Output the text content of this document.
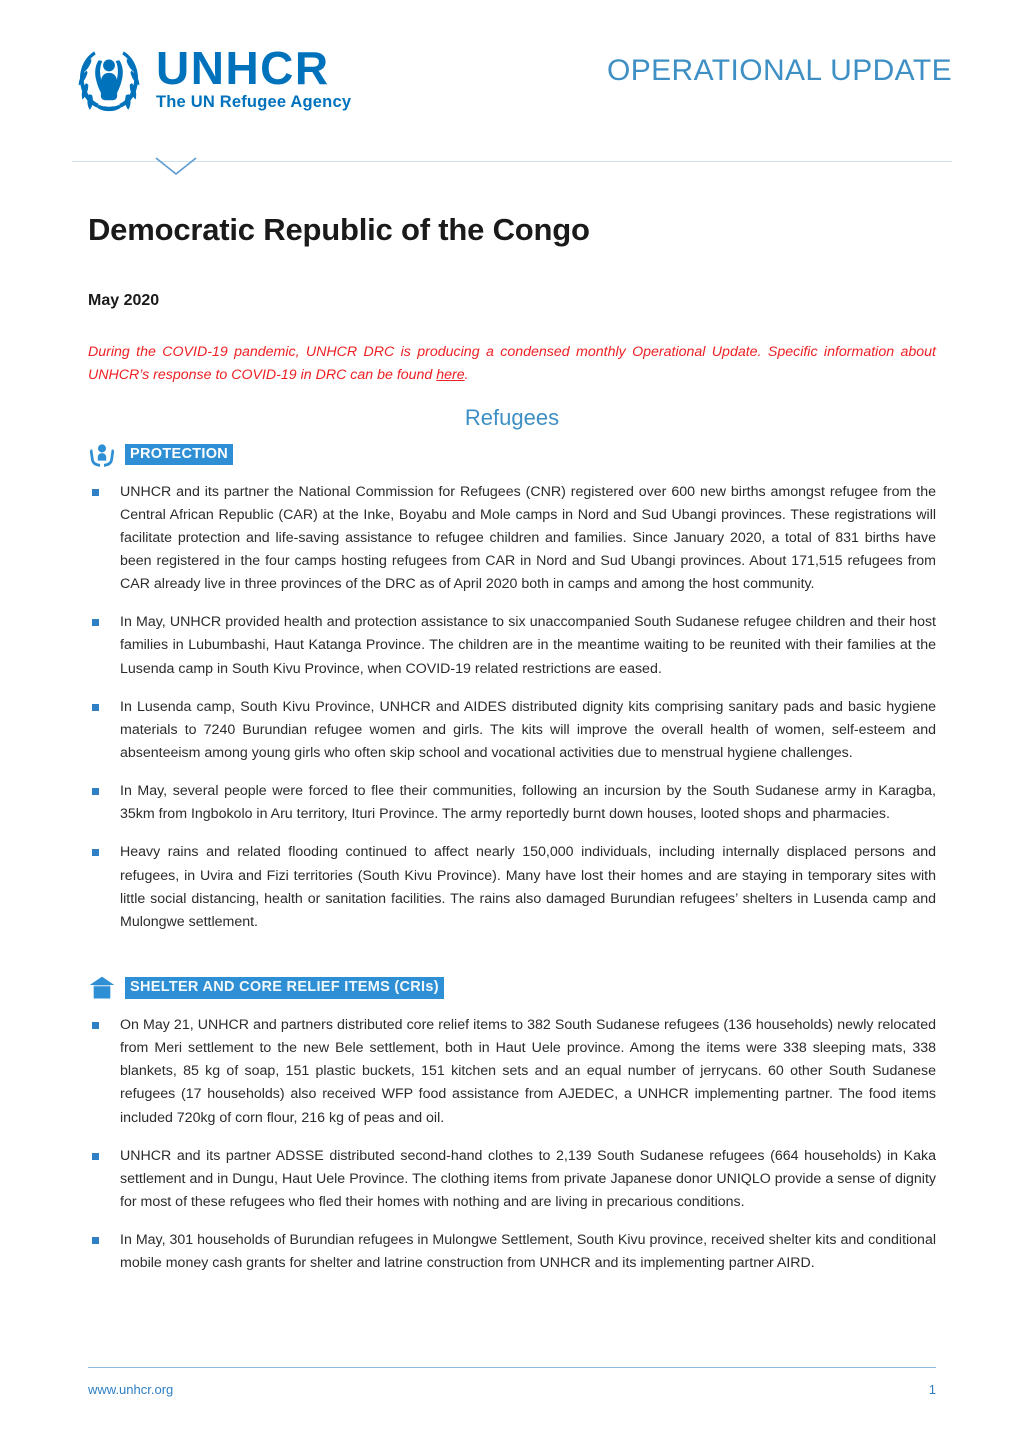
UNHCR
The UN Refugee Agency
OPERATIONAL UPDATE
Democratic Republic of the Congo
May 2020

During the COVID-19 pandemic, UNHCR DRC is producing a condensed monthly Operational Update. Specific information about UNHCR’s response to COVID-19 in DRC can be found here.

Refugees
PROTECTION
UNHCR and its partner the National Commission for Refugees (CNR) registered over 600 new births amongst refugee from the Central African Republic (CAR) at the Inke, Boyabu and Mole camps in Nord and Sud Ubangi provinces. These registrations will facilitate protection and life-saving assistance to refugee children and families. Since January 2020, a total of 831 births have been registered in the four camps hosting refugees from CAR in Nord and Sud Ubangi provinces. About 171,515 refugees from CAR already live in three provinces of the DRC as of April 2020 both in camps and among the host community.
In May, UNHCR provided health and protection assistance to six unaccompanied South Sudanese refugee children and their host families in Lubumbashi, Haut Katanga Province. The children are in the meantime waiting to be reunited with their families at the Lusenda camp in South Kivu Province, when COVID-19 related restrictions are eased.
In Lusenda camp, South Kivu Province, UNHCR and AIDES distributed dignity kits comprising sanitary pads and basic hygiene materials to 7240 Burundian refugee women and girls. The kits will improve the overall health of women, self-esteem and absenteeism among young girls who often skip school and vocational activities due to menstrual hygiene challenges.
In May, several people were forced to flee their communities, following an incursion by the South Sudanese army in Karagba, 35km from Ingbokolo in Aru territory, Ituri Province. The army reportedly burnt down houses, looted shops and pharmacies.
Heavy rains and related flooding continued to affect nearly 150,000 individuals, including internally displaced persons and refugees, in Uvira and Fizi territories (South Kivu Province). Many have lost their homes and are staying in temporary sites with little social distancing, health or sanitation facilities. The rains also damaged Burundian refugees’ shelters in Lusenda camp and Mulongwe settlement.
SHELTER AND CORE RELIEF ITEMS (CRIs)
On May 21, UNHCR and partners distributed core relief items to 382 South Sudanese refugees (136 households) newly relocated from Meri settlement to the new Bele settlement, both in Haut Uele province. Among the items were 338 sleeping mats, 338 blankets, 85 kg of soap, 151 plastic buckets, 151 kitchen sets and an equal number of jerrycans. 60 other South Sudanese refugees (17 households) also received WFP food assistance from AJEDEC, a UNHCR implementing partner. The food items included 720kg of corn flour, 216 kg of peas and oil.
UNHCR and its partner ADSSE distributed second-hand clothes to 2,139 South Sudanese refugees (664 households) in Kaka settlement and in Dungu, Haut Uele Province. The clothing items from private Japanese donor UNIQLO provide a sense of dignity for most of these refugees who fled their homes with nothing and are living in precarious conditions.
In May, 301 households of Burundian refugees in Mulongwe Settlement, South Kivu province, received shelter kits and conditional mobile money cash grants for shelter and latrine construction from UNHCR and its implementing partner AIRD.
www.unhcr.org	1
